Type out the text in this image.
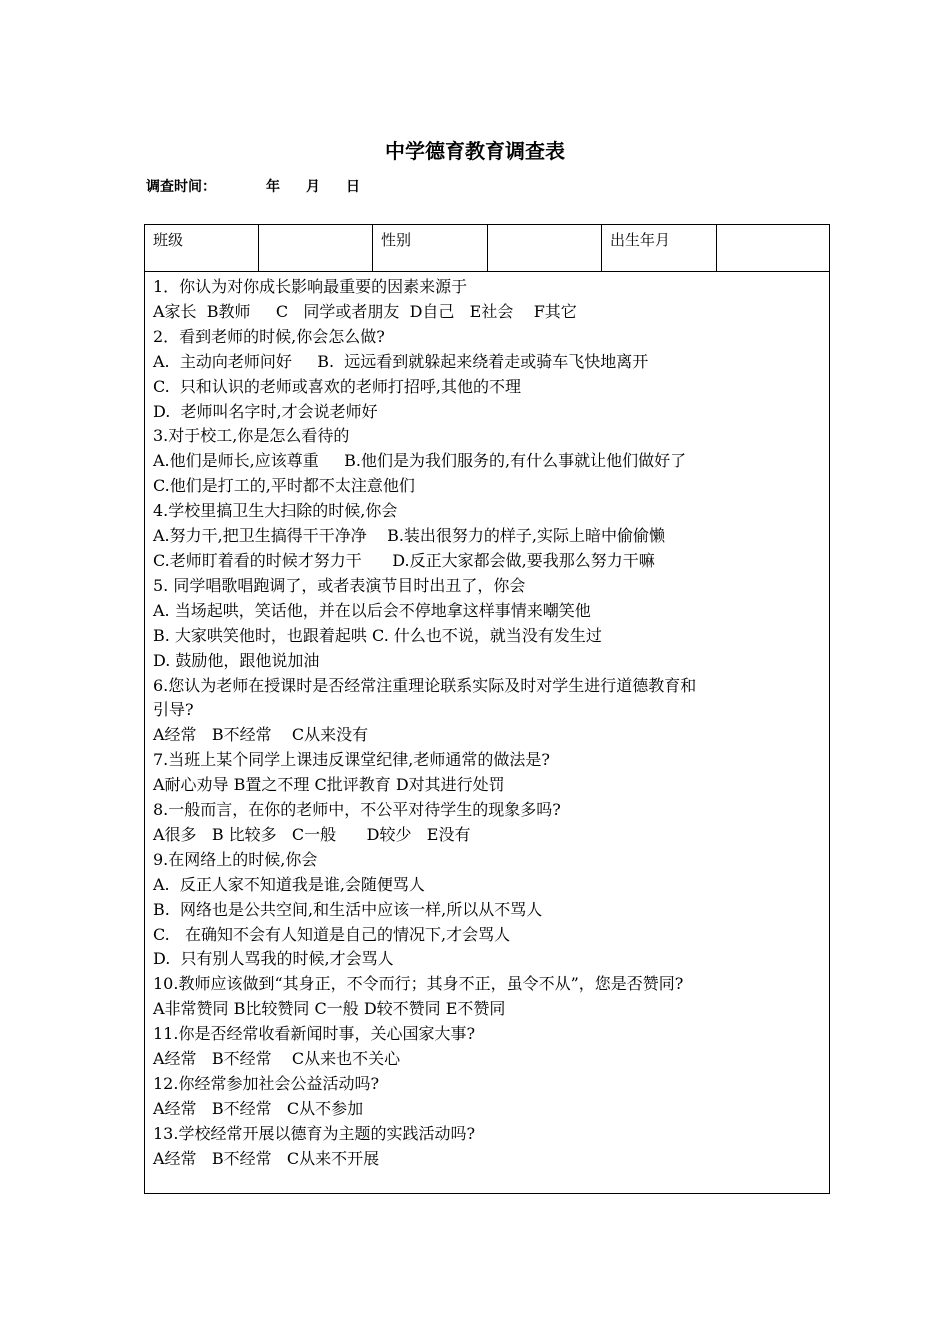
中学德育教育调查表
调查时间：	年 月 日
班级	性别	出生年月
1．你认为对你成长影响最重要的因素来源于
A家长  B教师     C   同学或者朋友  D自己   E社会    F其它
2．看到老师的时候,你会怎么做?
A.  主动向老师问好     B.  远远看到就躲起来绕着走或骑车飞快地离开
C.  只和认识的老师或喜欢的老师打招呼,其他的不理
D.  老师叫名字时,才会说老师好
3.对于校工,你是怎么看待的
A.他们是师长,应该尊重     B.他们是为我们服务的,有什么事就让他们做好了
C.他们是打工的,平时都不太注意他们
4.学校里搞卫生大扫除的时候,你会
A.努力干,把卫生搞得干干净净    B.装出很努力的样子,实际上暗中偷偷懒
C.老师盯着看的时候才努力干      D.反正大家都会做,要我那么努力干嘛
5. 同学唱歌唱跑调了，或者表演节目时出丑了，你会
A. 当场起哄，笑话他，并在以后会不停地拿这样事情来嘲笑他
B. 大家哄笑他时，也跟着起哄 C. 什么也不说，就当没有发生过
D. 鼓励他，跟他说加油
6.您认为老师在授课时是否经常注重理论联系实际及时对学生进行道德教育和
引导?
A经常   B不经常    C从来没有
7.当班上某个同学上课违反课堂纪律,老师通常的做法是?
A耐心劝导 B置之不理 C批评教育 D对其进行处罚
8.一般而言，在你的老师中，不公平对待学生的现象多吗?
A很多   B 比较多   C一般      D较少   E没有
9.在网络上的时候,你会
A.  反正人家不知道我是谁,会随便骂人
B.  网络也是公共空间,和生活中应该一样,所以从不骂人
C.   在确知不会有人知道是自己的情况下,才会骂人
D.  只有别人骂我的时候,才会骂人
10.教师应该做到“其身正，不令而行；其身不正，虽令不从”，您是否赞同?
A非常赞同 B比较赞同 C一般 D较不赞同 E不赞同
11.你是否经常收看新闻时事，关心国家大事?
A经常   B不经常    C从来也不关心
12.你经常参加社会公益活动吗?
A经常   B不经常   C从不参加
13.学校经常开展以德育为主题的实践活动吗?
A经常   B不经常   C从来不开展
